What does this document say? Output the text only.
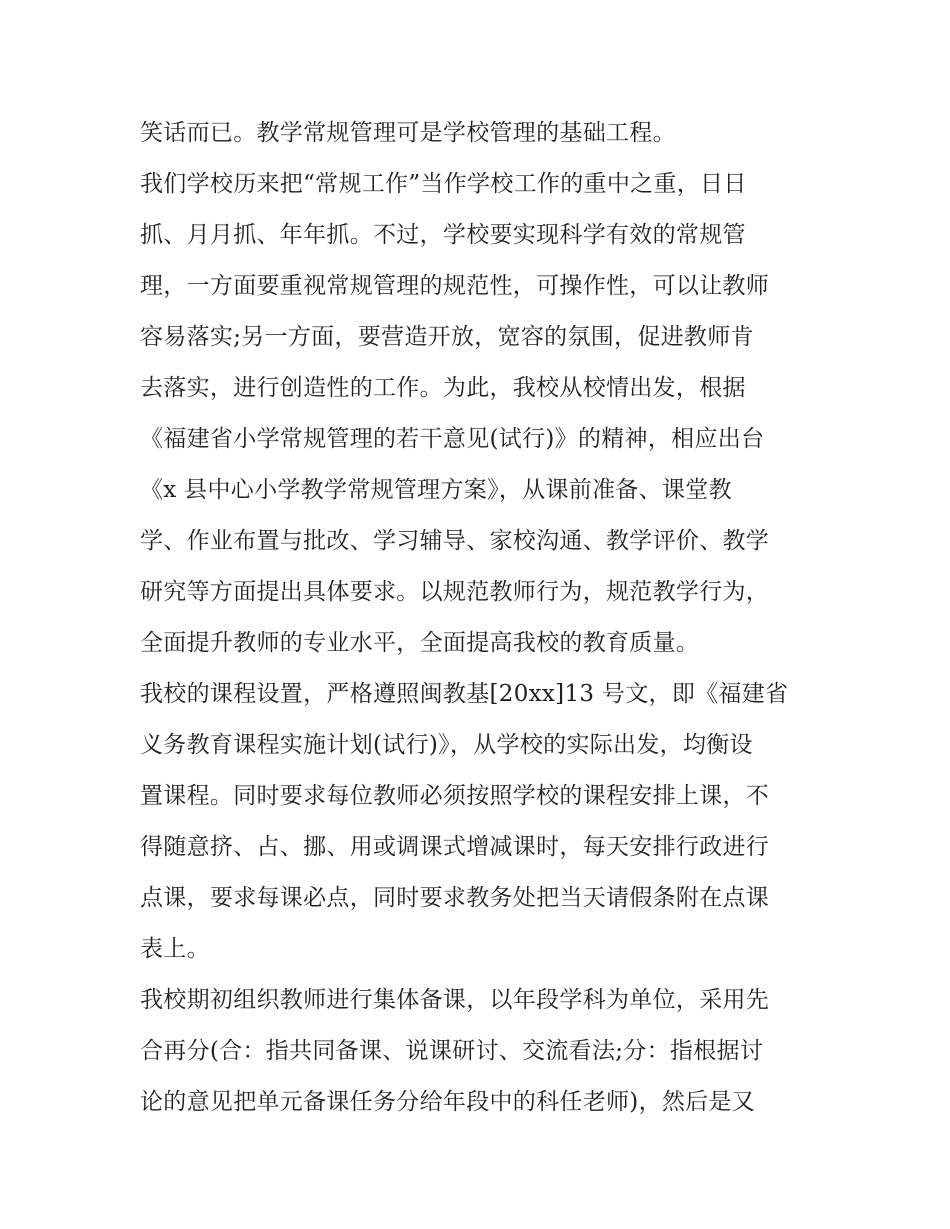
笑话而已。教学常规管理可是学校管理的基础工程。
我们学校历来把“常规工作”当作学校工作的重中之重，日日
抓、月月抓、年年抓。不过，学校要实现科学有效的常规管
理，一方面要重视常规管理的规范性，可操作性，可以让教师
容易落实;另一方面，要营造开放，宽容的氛围，促进教师肯
去落实，进行创造性的工作。为此，我校从校情出发，根据
《福建省小学常规管理的若干意见(试行)》的精神，相应出台
《x 县中心小学教学常规管理方案》，从课前准备、课堂教
学、作业布置与批改、学习辅导、家校沟通、教学评价、教学
研究等方面提出具体要求。以规范教师行为，规范教学行为，
全面提升教师的专业水平，全面提高我校的教育质量。
我校的课程设置，严格遵照闽教基[20xx]13 号文，即《福建省
义务教育课程实施计划(试行)》，从学校的实际出发，均衡设
置课程。同时要求每位教师必须按照学校的课程安排上课，不
得随意挤、占、挪、用或调课式增减课时，每天安排行政进行
点课，要求每课必点，同时要求教务处把当天请假条附在点课
表上。
我校期初组织教师进行集体备课，以年段学科为单位，采用先
合再分(合：指共同备课、说课研讨、交流看法;分：指根据讨
论的意见把单元备课任务分给年段中的科任老师)，然后是又
